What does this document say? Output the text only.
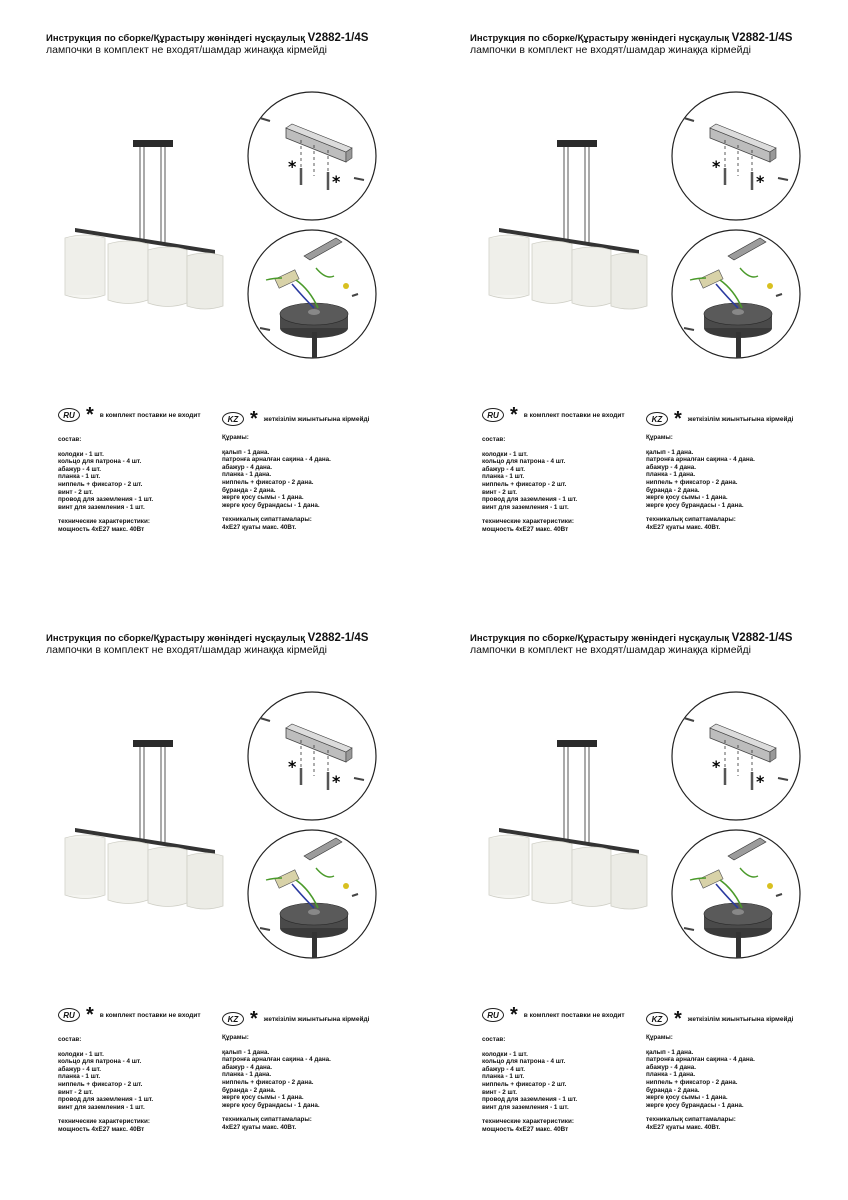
Инструкция по сборке/Құрастыру жөніндегі нұсқаулық V2882-1/4S
лампочки в комплект не входят/шамдар жинаққа кірмейді
*
*
RU * в комплект поставки не входит	KZ * жеткізілім жиынтығына кірмейді
состав:
колодки - 1 шт.
кольцо для патрона - 4 шт.
абажур - 4 шт.
планка - 1 шт.
ниппель + фиксатор - 2 шт.
винт - 2 шт.
провод для заземления - 1 шт.
винт для заземления - 1 шт.
технические характеристики:
мощность 4хE27 макс. 40Вт
Құрамы:
қалып - 1 дана.
патронға арналған сақина - 4 дана.
абажур - 4 дана.
планка - 1 дана.
ниппель + фиксатор - 2 дана.
бұрандa - 2 дана.
жерге қосу сымы - 1 дана.
жерге қосу бұрандасы - 1 дана.
техникалық сипаттамалары:
4хE27 қуаты макс. 40Вт.
Инструкция по сборке/Құрастыру жөніндегі нұсқаулық V2882-1/4S
лампочки в комплект не входят/шамдар жинаққа кірмейді
*
*
RU * в комплект поставки не входит	KZ * жеткізілім жиынтығына кірмейді
состав:
колодки - 1 шт.
кольцо для патрона - 4 шт.
абажур - 4 шт.
планка - 1 шт.
ниппель + фиксатор - 2 шт.
винт - 2 шт.
провод для заземления - 1 шт.
винт для заземления - 1 шт.
технические характеристики:
мощность 4хE27 макс. 40Вт
Құрамы:
қалып - 1 дана.
патронға арналған сақина - 4 дана.
абажур - 4 дана.
планка - 1 дана.
ниппель + фиксатор - 2 дана.
бұрандa - 2 дана.
жерге қосу сымы - 1 дана.
жерге қосу бұрандасы - 1 дана.
техникалық сипаттамалары:
4хE27 қуаты макс. 40Вт.
Инструкция по сборке/Құрастыру жөніндегі нұсқаулық V2882-1/4S
лампочки в комплект не входят/шамдар жинаққа кірмейді
*
*
RU * в комплект поставки не входит	KZ * жеткізілім жиынтығына кірмейді
состав:
колодки - 1 шт.
кольцо для патрона - 4 шт.
абажур - 4 шт.
планка - 1 шт.
ниппель + фиксатор - 2 шт.
винт - 2 шт.
провод для заземления - 1 шт.
винт для заземления - 1 шт.
технические характеристики:
мощность 4хE27 макс. 40Вт
Құрамы:
қалып - 1 дана.
патронға арналған сақина - 4 дана.
абажур - 4 дана.
планка - 1 дана.
ниппель + фиксатор - 2 дана.
бұрандa - 2 дана.
жерге қосу сымы - 1 дана.
жерге қосу бұрандасы - 1 дана.
техникалық сипаттамалары:
4хE27 қуаты макс. 40Вт.
Инструкция по сборке/Құрастыру жөніндегі нұсқаулық V2882-1/4S
лампочки в комплект не входят/шамдар жинаққа кірмейді
*
*
RU * в комплект поставки не входит	KZ * жеткізілім жиынтығына кірмейді
состав:
колодки - 1 шт.
кольцо для патрона - 4 шт.
абажур - 4 шт.
планка - 1 шт.
ниппель + фиксатор - 2 шт.
винт - 2 шт.
провод для заземления - 1 шт.
винт для заземления - 1 шт.
технические характеристики:
мощность 4хE27 макс. 40Вт
Құрамы:
қалып - 1 дана.
патронға арналған сақина - 4 дана.
абажур - 4 дана.
планка - 1 дана.
ниппель + фиксатор - 2 дана.
бұрандa - 2 дана.
жерге қосу сымы - 1 дана.
жерге қосу бұрандасы - 1 дана.
техникалық сипаттамалары:
4хE27 қуаты макс. 40Вт.
